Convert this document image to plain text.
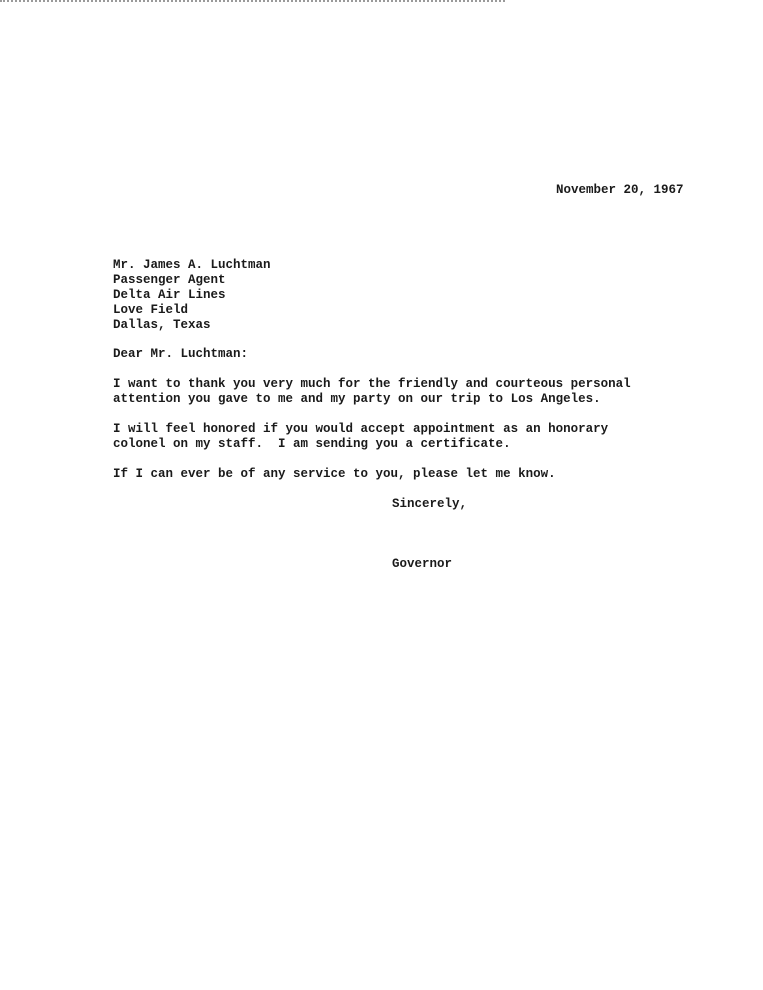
November 20, 1967
Mr. James A. Luchtman
Passenger Agent
Delta Air Lines
Love Field
Dallas, Texas
Dear Mr. Luchtman:
I want to thank you very much for the friendly and courteous personal
attention you gave to me and my party on our trip to Los Angeles.
I will feel honored if you would accept appointment as an honorary
colonel on my staff.  I am sending you a certificate.
If I can ever be of any service to you, please let me know.
Sincerely,
Governor
